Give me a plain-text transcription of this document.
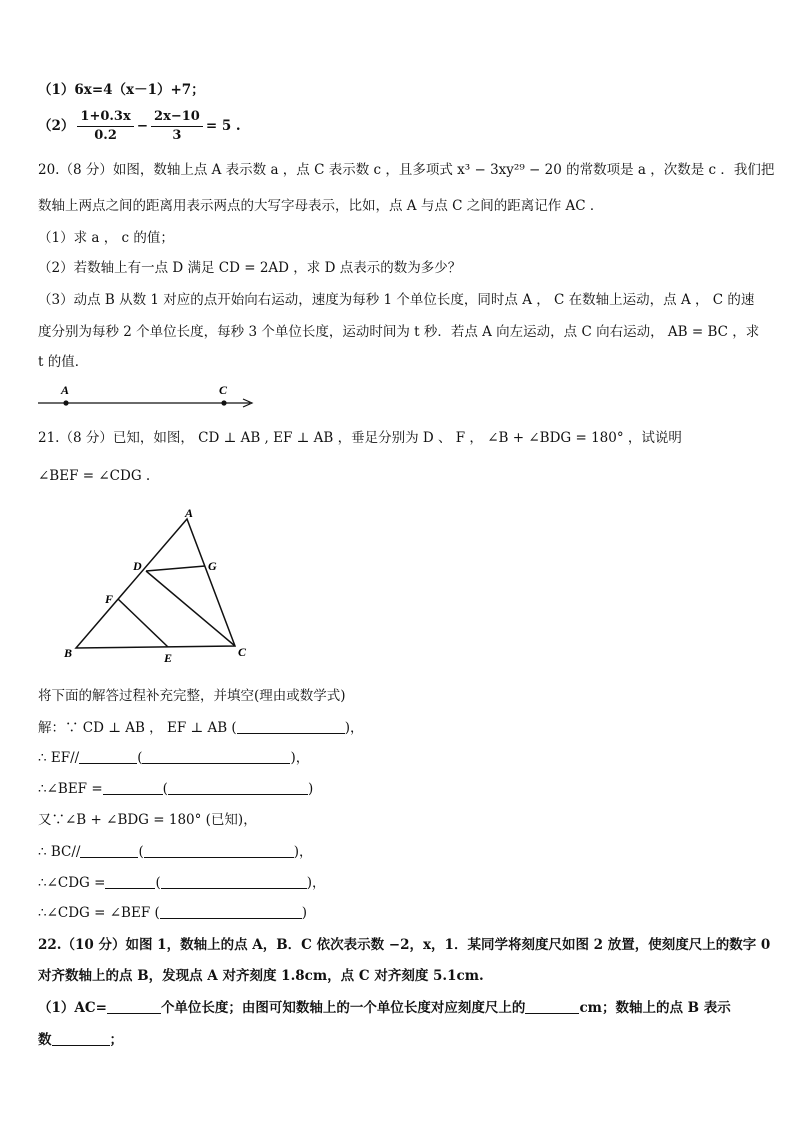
（1）6x=4（x－1）+7；
$(2) \frac{1+0.3x}{0.2} - \frac{2x-10}{3} = 5$ .
20.（8 分）如图，数轴上点 A 表示数 a ，点 C 表示数 c ，且多项式 x³ − 3xy²⁹ − 20 的常数项是 a ，次数是 c ．我们把
数轴上两点之间的距离用表示两点的大写字母表示，比如，点 A 与点 C 之间的距离记作 AC ．
（1）求 a ， c 的值；
（2）若数轴上有一点 D 满足 CD = 2AD ，求 D 点表示的数为多少？
（3）动点 B 从数 1 对应的点开始向右运动，速度为每秒 1 个单位长度，同时点 A ， C 在数轴上运动，点 A ， C 的速
度分别为每秒 2 个单位长度，每秒 3 个单位长度，运动时间为 t 秒．若点 A 向左运动，点 C 向右运动， AB = BC ，求
t 的值．
A	C
21.（8 分）已知，如图， CD ⊥ AB , EF ⊥ AB ，垂足分别为 D 、 F ， ∠B + ∠BDG = 180° ，试说明
∠BEF = ∠CDG .
A
D	G
F
B	E	C
将下面的解答过程补充完整，并填空(理由或数学式)
解：∵ CD ⊥ AB ， EF ⊥ AB (	)，
∴ EF//	(	)，
∴∠BEF =	(	)
又∵∠B + ∠BDG = 180° (已知)，
∴ BC//	(	)，
∴∠CDG =	(	)，
∴∠CDG = ∠BEF (	)
22.（10 分）如图 1，数轴上的点 A，B．C 依次表示数 −2，x，1．某同学将刻度尺如图 2 放置，使刻度尺上的数字 0
对齐数轴上的点 B，发现点 A 对齐刻度 1.8cm，点 C 对齐刻度 5.1cm.
（1）AC=	个单位长度；由图可知数轴上的一个单位长度对应刻度尺上的	cm；数轴上的点 B 表示
数	；
